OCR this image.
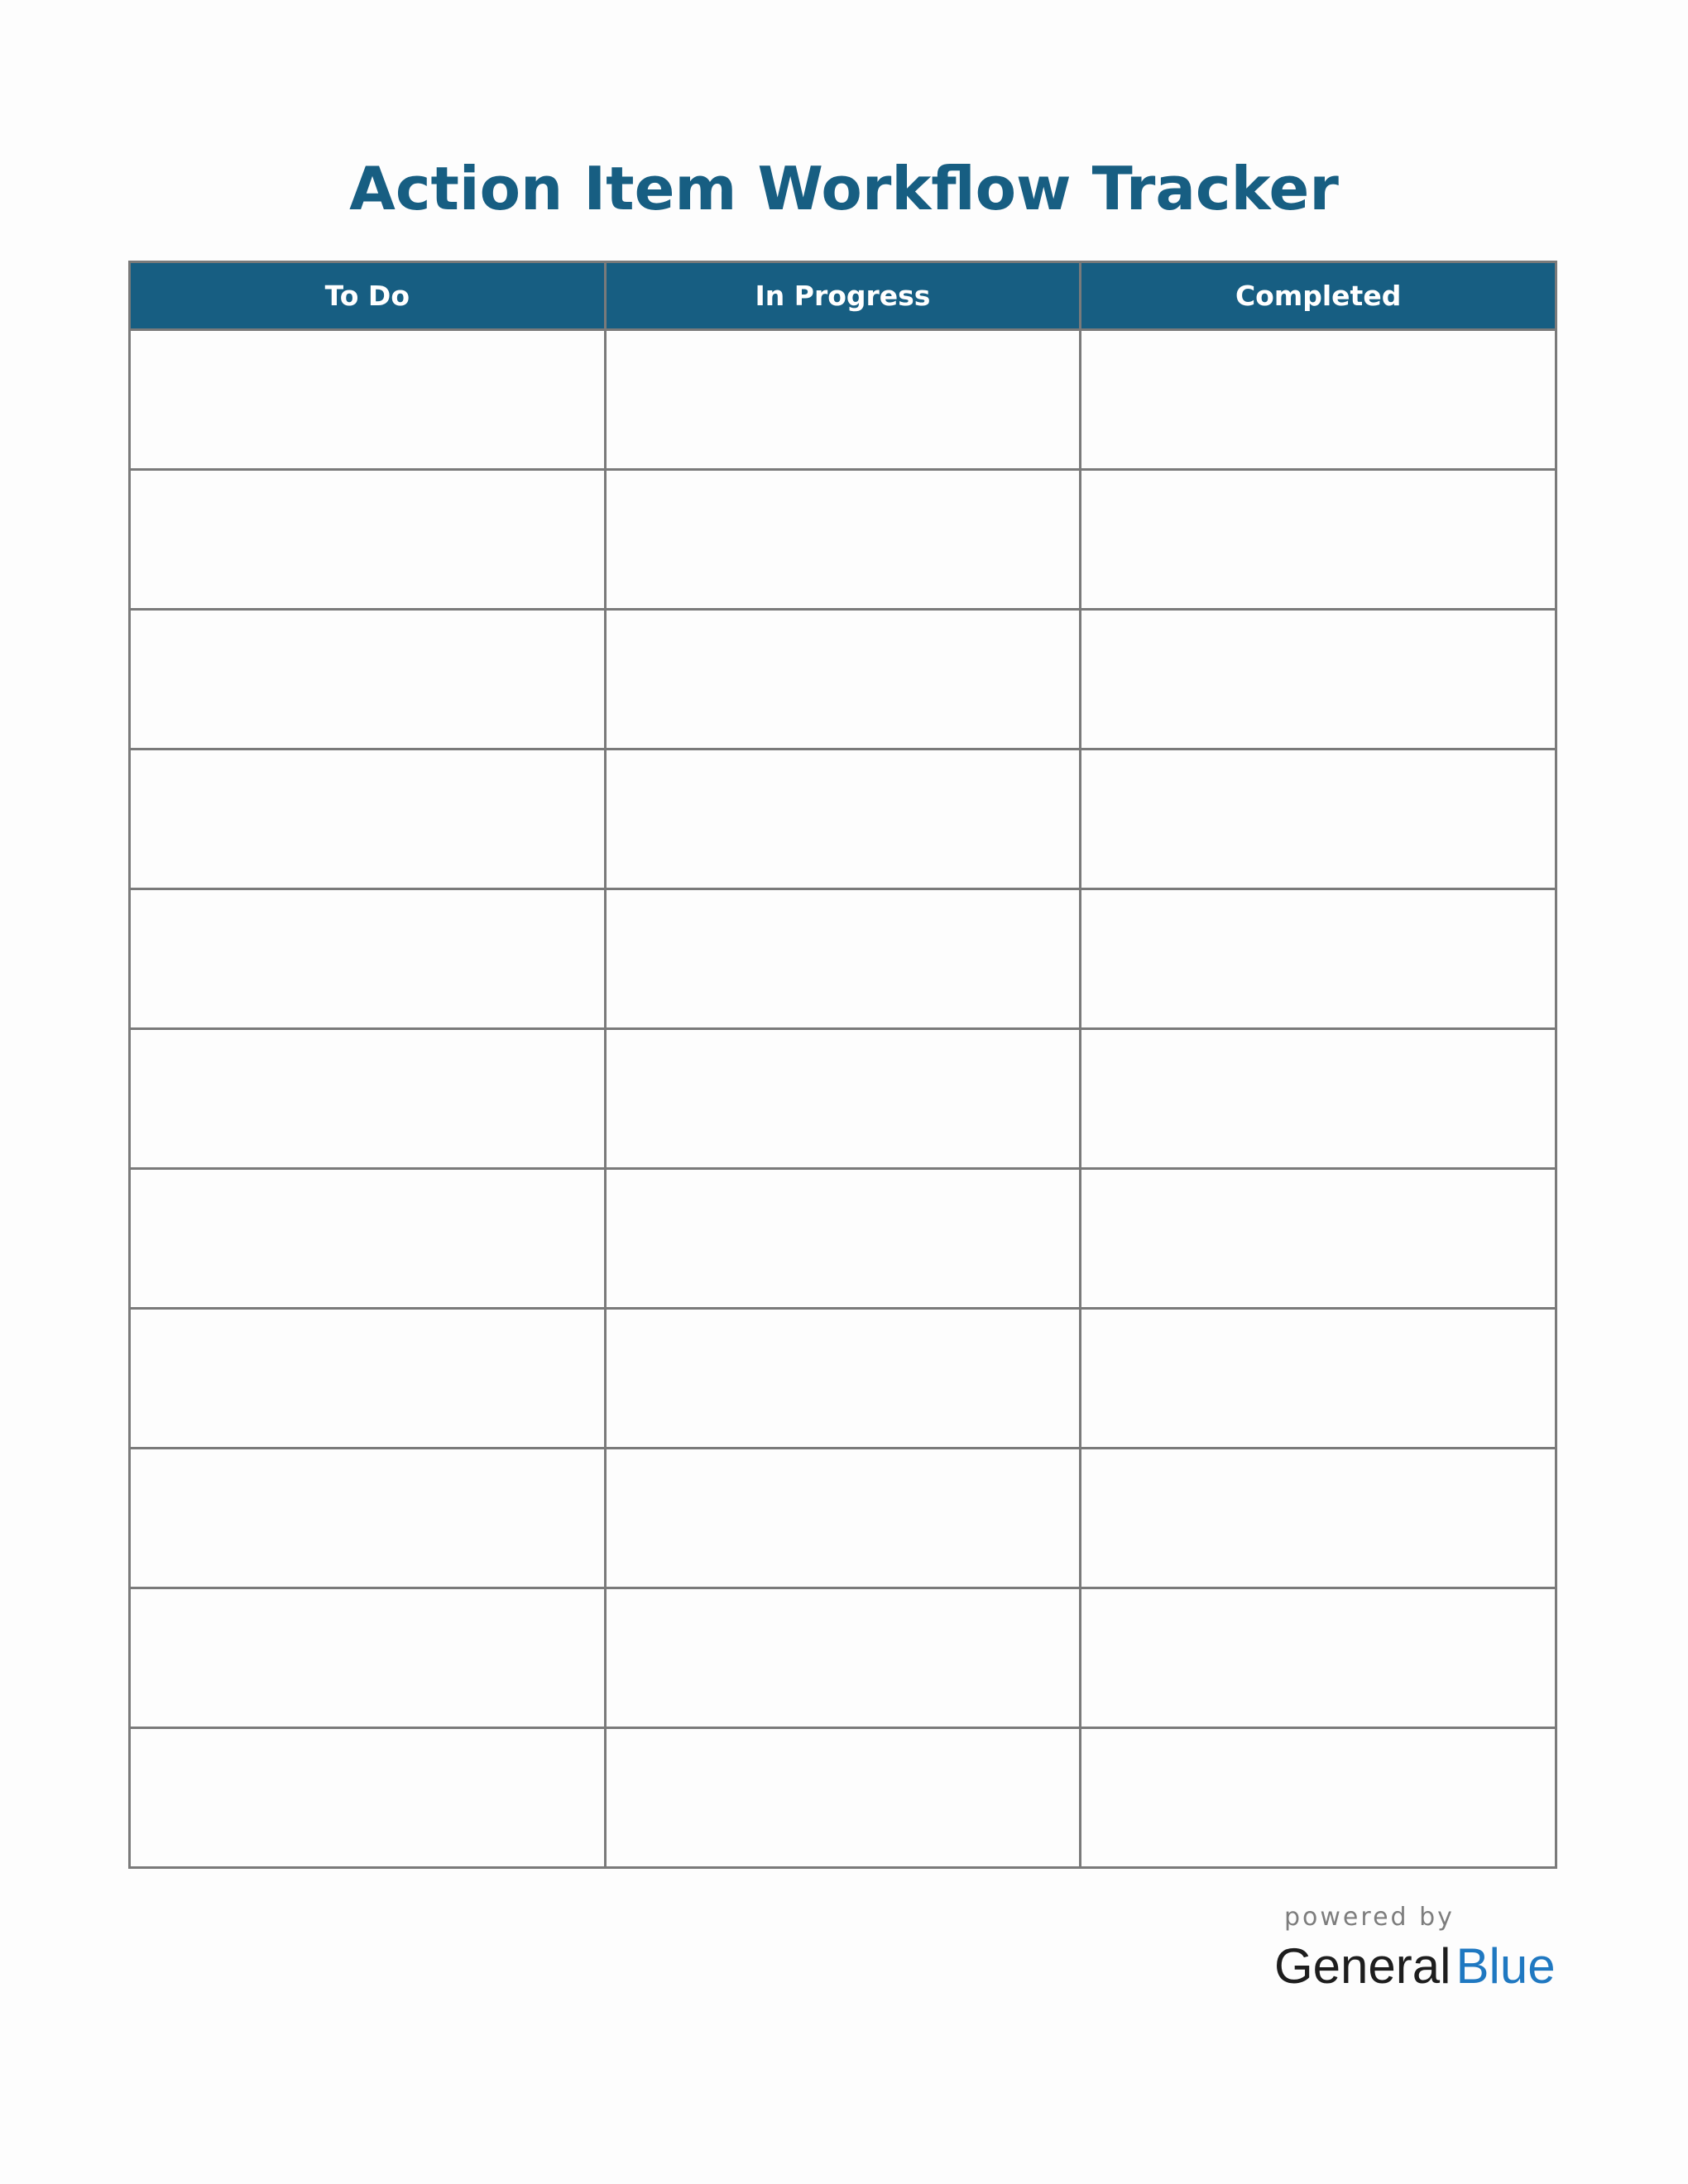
Action Item Workflow Tracker
To Do	In Progress	Completed

powered by
General Blue
